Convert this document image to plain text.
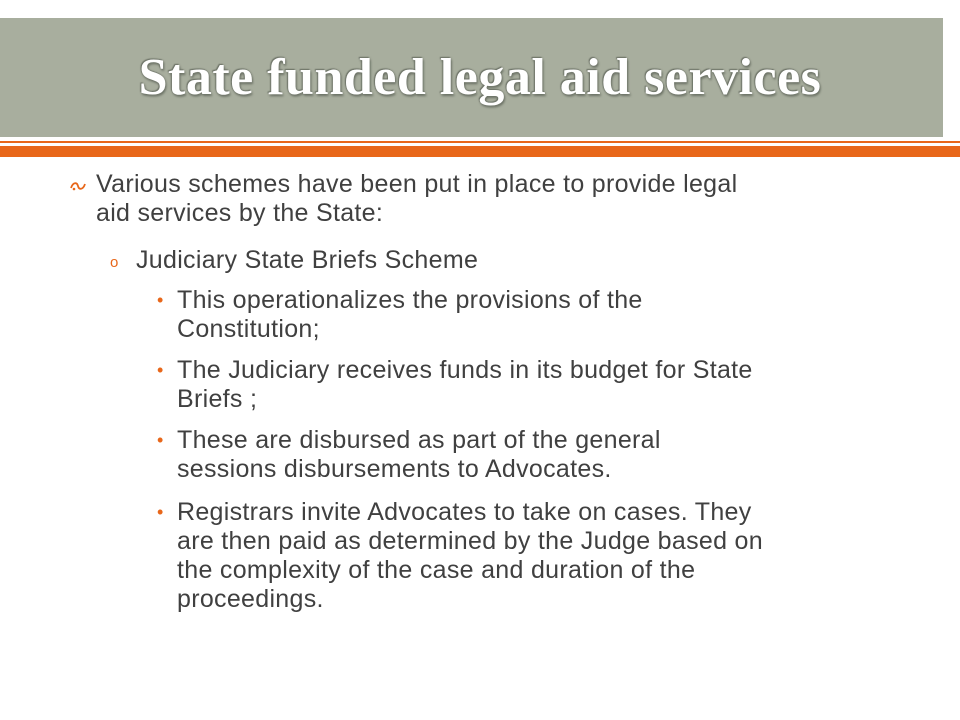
State funded legal aid services
Various schemes have been put in place to provide legal
aid services by the State:
o Judiciary State Briefs Scheme
• This operationalizes the provisions of the
Constitution;
• The Judiciary receives funds in its budget for State
Briefs ;
• These are disbursed as part of the general
sessions disbursements to Advocates.
• Registrars invite Advocates to take on cases. They
are then paid as determined by the Judge based on
the complexity of the case and duration of the
proceedings.
